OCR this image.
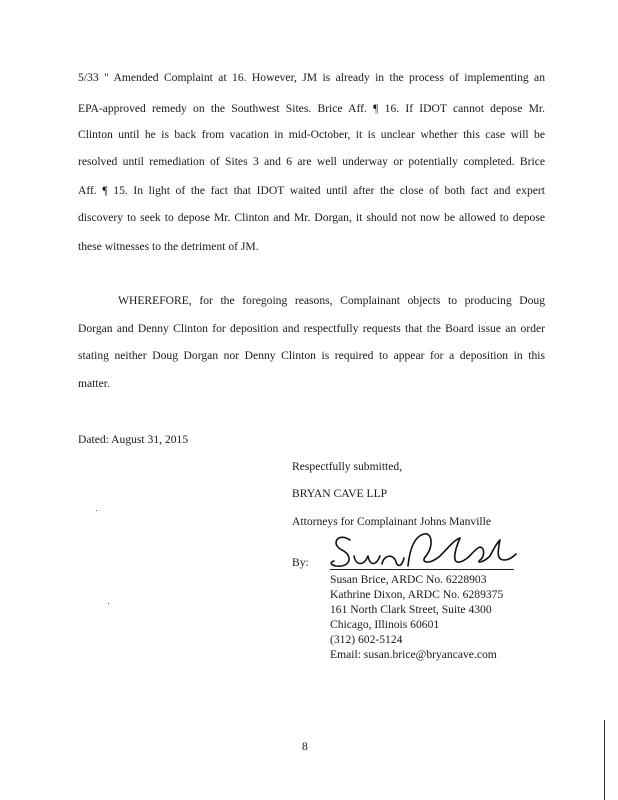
5/33 " Amended Complaint at 16. However, JM is already in the process of implementing an
EPA-approved remedy on the Southwest Sites. Brice Aff. ¶ 16. If IDOT cannot depose Mr.
Clinton until he is back from vacation in mid-October, it is unclear whether this case will be
resolved until remediation of Sites 3 and 6 are well underway or potentially completed. Brice
Aff. ¶ 15. In light of the fact that IDOT waited until after the close of both fact and expert
discovery to seek to depose Mr. Clinton and Mr. Dorgan, it should not now be allowed to depose
these witnesses to the detriment of JM.
WHEREFORE, for the foregoing reasons, Complainant objects to producing Doug
Dorgan and Denny Clinton for deposition and respectfully requests that the Board issue an order
stating neither Doug Dorgan nor Denny Clinton is required to appear for a deposition in this
matter.
Dated: August 31, 2015
Respectfully submitted,
BRYAN CAVE LLP
Attorneys for Complainant Johns Manville
By:
Susan Brice, ARDC No. 6228903
Kathrine Dixon, ARDC No. 6289375
161 North Clark Street, Suite 4300
Chicago, Illinois 60601
(312) 602-5124
Email: susan.brice@bryancave.com
8
